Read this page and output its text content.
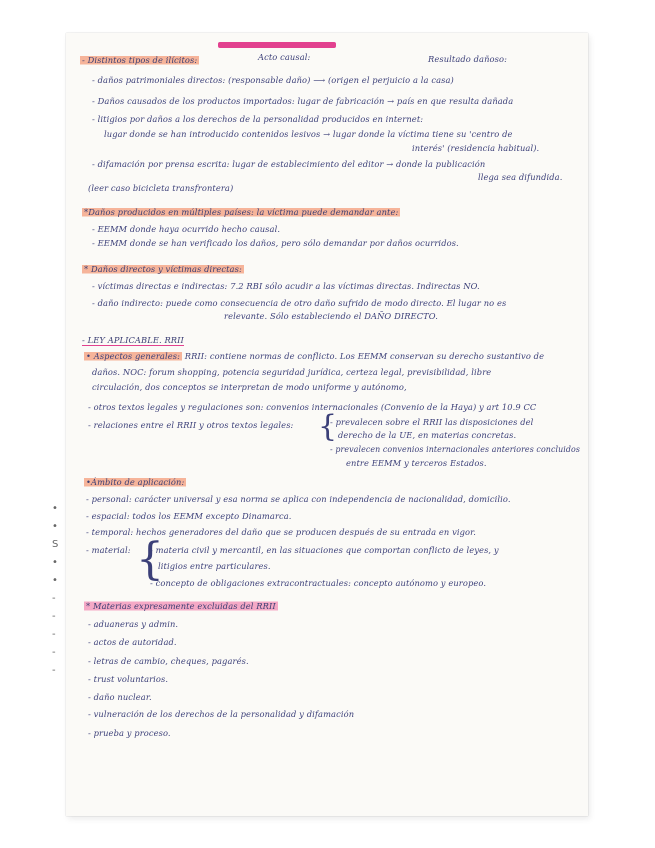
•
•
S
•
•
-
-
-
-
-
- Distintos tipos de ilícitos:	Acto causal:	Resultado dañoso:
- daños patrimoniales directos: (responsable daño) ⟶ (origen el perjuicio a la casa)
- Daños causados de los productos importados: lugar de fabricación → país en que resulta dañada
- litigios por daños a los derechos de la personalidad producidos en internet:
lugar donde se han introducido contenidos lesivos → lugar donde la víctima tiene su 'centro de
interés' (residencia habitual).
- difamación por prensa escrita: lugar de establecimiento del editor → donde la publicación
llega sea difundida.
(leer caso bicicleta transfrontera)
*Daños producidos en múltiples países: la víctima puede demandar ante:
- EEMM donde haya ocurrido hecho causal.
- EEMM donde se han verificado los daños, pero sólo demandar por daños ocurridos.
* Daños directos y víctimas directas:
- víctimas directas e indirectas: 7.2 RBI sólo acudir a las víctimas directas. Indirectas NO.
- daño indirecto: puede como consecuencia de otro daño sufrido de modo directo. El lugar no es
relevante. Sólo estableciendo el DAÑO DIRECTO.
- LEY APLICABLE. RRII
• Aspectos generales: RRII: contiene normas de conflicto. Los EEMM conservan su derecho sustantivo de
daños. NOC: forum shopping, potencia seguridad jurídica, certeza legal, previsibilidad, libre
circulación, dos conceptos se interpretan de modo uniforme y autónomo,
- otros textos legales y regulaciones son: convenios internacionales (Convenio de la Haya) y art 10.9 CC
- relaciones entre el RRII y otros textos legales: {
- prevalecen sobre el RRII las disposiciones del
derecho de la UE, en materias concretas.
- prevalecen convenios internacionales anteriores concluidos
entre EEMM y terceros Estados.
•Ámbito de aplicación:
- personal: carácter universal y esa norma se aplica con independencia de nacionalidad, domicilio.
- espacial: todos los EEMM excepto Dinamarca.
- temporal: hechos generadores del daño que se producen después de su entrada en vigor.
- material: {
- materia civil y mercantil, en las situaciones que comportan conflicto de leyes, y
litigios entre particulares.
- concepto de obligaciones extracontractuales: concepto autónomo y europeo.
* Materias expresamente excluidas del RRII
- aduaneras y admin.
- actos de autoridad.
- letras de cambio, cheques, pagarés.
- trust voluntarios.
- daño nuclear.
- vulneración de los derechos de la personalidad y difamación
- prueba y proceso.
